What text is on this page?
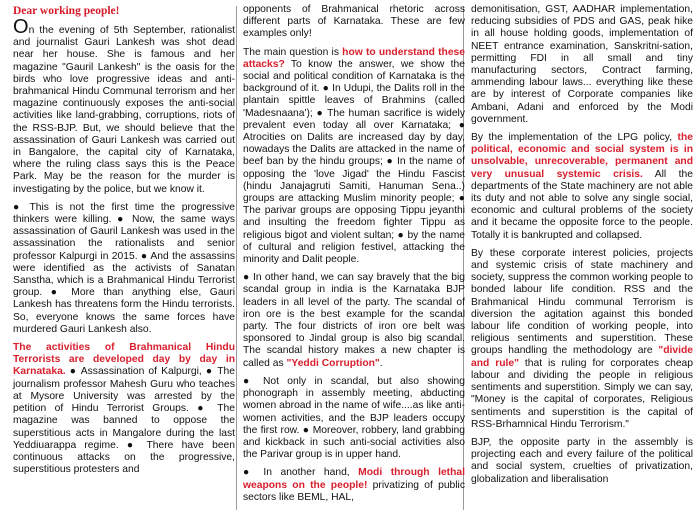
Dear working people!

On the evening of 5th September, rationalist and journalist Gauri Lankesh was shot dead near her house. She is famous and her magazine "Gauril Lankesh" is the oasis for the birds who love progressive ideas and anti-brahmanical Hindu Communal terrorism and her magazine continuously exposes the anti-social activities like land-grabbing, corruptions, riots of the RSS-BJP. But, we should believe that the assassination of Gauri Lankesh was carried out in Bangalore, the capital city of Karnataka, where the ruling class says this is the Peace Park. May be the reason for the murder is investigating by the police, but we know it.

● This is not the first time the progressive thinkers were killing. ● Now, the same ways assassination of Gauril Lankesh was used in the assassination the rationalists and senior professor Kalpurgi in 2015. ● And the assassins were identified as the activists of Sanatan Sanstha, which is a Brahmanical Hindu Terrorist group. ● More than anything else, Gauri Lankesh has threatens form the Hindu terrorists. So, everyone knows the same forces have murdered Gauri Lankesh also.

The activities of Brahmanical Hindu Terrorists are developed day by day in Karnataka. ● Assassination of Kalpurgi, ● The journalism professor Mahesh Guru who teaches at Mysore University was arrested by the petition of Hindu Terrorist Groups. ● The magazine was banned to oppose the superstitious acts in Mangalore during the last Yeddiuarappa regime. ● There have been continuous attacks on the progressive, superstitious protesters and

opponents of Brahmanical rhetoric across different parts of Karnataka. These are few examples only!

The main question is how to understand these attacks? To know the answer, we show the social and political condition of Karnataka is the background of it. ● In Udupi, the Dalits roll in the plantain spittle leaves of Brahmins (called 'Madesnaana'); ● The human sacrifice is widely prevalent even today all over Karnataka; ● Atrocities on Dalits are increased day by day, nowadays the Dalits are attacked in the name of beef ban by the hindu groups; ● In the name of opposing the 'love Jigad' the Hindu Fascist (hindu Janajagruti Samiti, Hanuman Sena..) groups are attacking Muslim minority people; ● The parivar groups are opposing Tippu jeyanthi and insulting the freedom fighter Tippu as religious bigot and violent sultan; ● by the name of cultural and religion festivel, attacking the minority and Dalit people.

● In other hand, we can say bravely that the big scandal group in india is the Karnataka BJP leaders in all level of the party. The scandal of iron ore is the best example for the scandal party. The four districts of iron ore belt was sponsored to Jindal group is also big scandal. The scandal history makes a new chapter is called as "Yeddi Corruption".

● Not only in scandal, but also showing phonograph in assembly meeting, abducting women abroad in the name of wife....as like anti-women activities, and the BJP leaders occupy the first row. ● Moreover, robbery, land grabbing and kickback in such anti-social activities also the Parivar group is in upper hand.

● In another hand, Modi through lethal weapons on the people! privatizing of public sectors like BEML, HAL,

demonitisation, GST, AADHAR implementation, reducing subsidies of PDS and GAS, peak hike in all house holding goods, implementation of NEET entrance examination, Sanskritni-sation, permitting FDI in all small and tiny manufacturing sectors, Contract farming, ammending labour laws... everything like these are by interest of Corporate companies like Ambani, Adani and enforced by the Modi government.

By the implementation of the LPG policy, the political, economic and social system is in unsolvable, unrecoverable, permanent and very unusual systemic crisis. All the departments of the State machinery are not able its duty and not able to solve any single social, economic and cultural problems of the society and it became the opposite force to the people. Totally it is bankrupted and collapsed.

By these corporate interest policies, projects and systemic crisis of state machinery and society, suppress the common working people to bonded labour life condition. RSS and the Brahmanical Hindu communal Terrorism is diversion the agitation against this bonded labour life condition of working people, into religious sentiments and superstition. These groups handling the methodology are "divide and rule" that is ruling for corporates cheap labour and dividing the people in religious sentiments and superstition. Simply we can say, "Money is the capital of corporates, Religious sentiments and superstition is the capital of RSS-Brhamnical Hindu Terrorism."

BJP, the opposite party in the assembly is projecting each and every failure of the political and social system, cruelties of privatization, globalization and liberalisation
